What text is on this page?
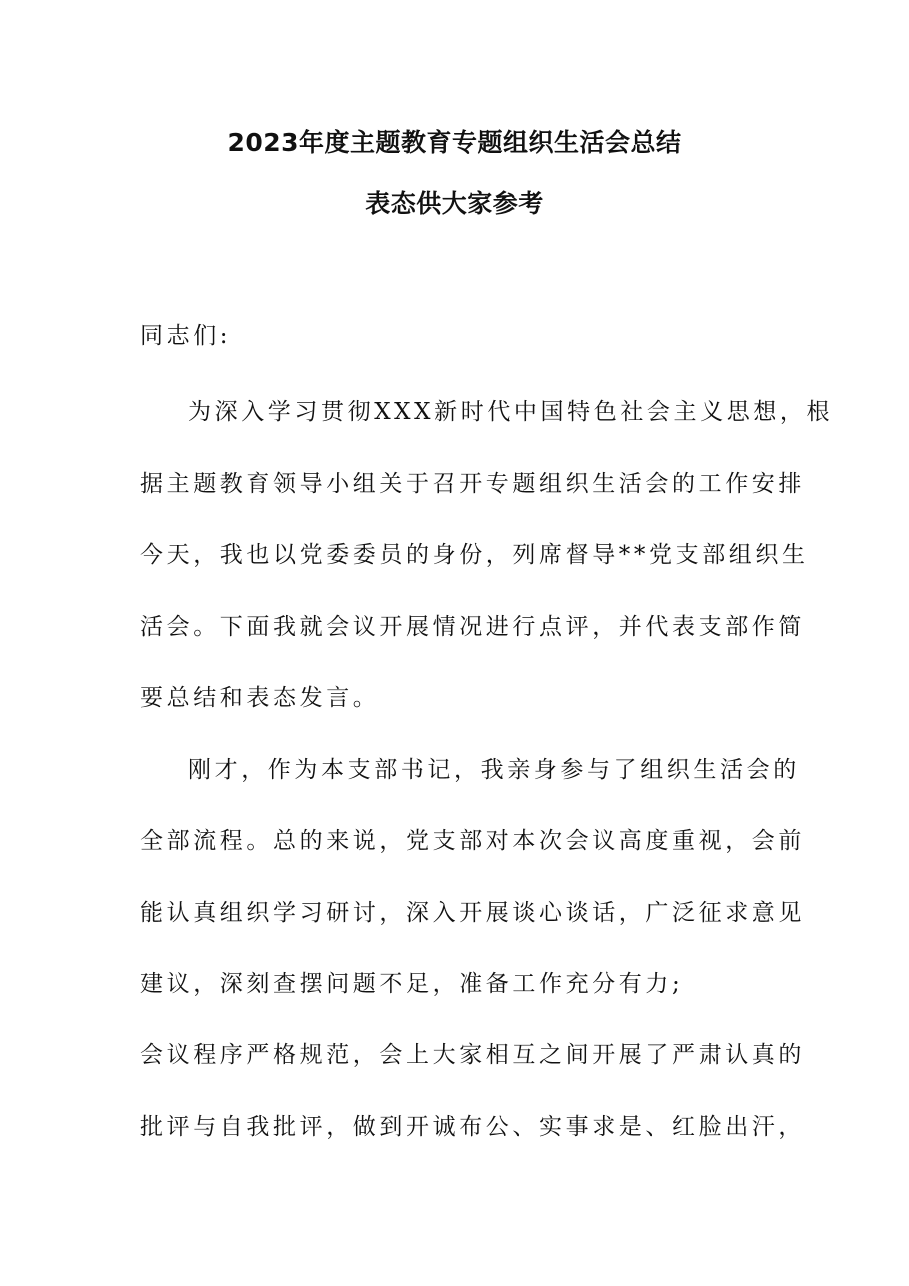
2023年度主题教育专题组织生活会总结
表态供大家参考
同志们:
为深入学习贯彻XXX新时代中国特色社会主义思想，根
据主题教育领导小组关于召开专题组织生活会的工作安排
今天，我也以党委委员的身份，列席督导**党支部组织生
活会。下面我就会议开展情况进行点评，并代表支部作简
要总结和表态发言。
刚才，作为本支部书记，我亲身参与了组织生活会的
全部流程。总的来说，党支部对本次会议高度重视，会前
能认真组织学习研讨，深入开展谈心谈话，广泛征求意见
建议，深刻查摆问题不足，准备工作充分有力;
会议程序严格规范，会上大家相互之间开展了严肃认真的
批评与自我批评，做到开诚布公、实事求是、红脸出汗，
